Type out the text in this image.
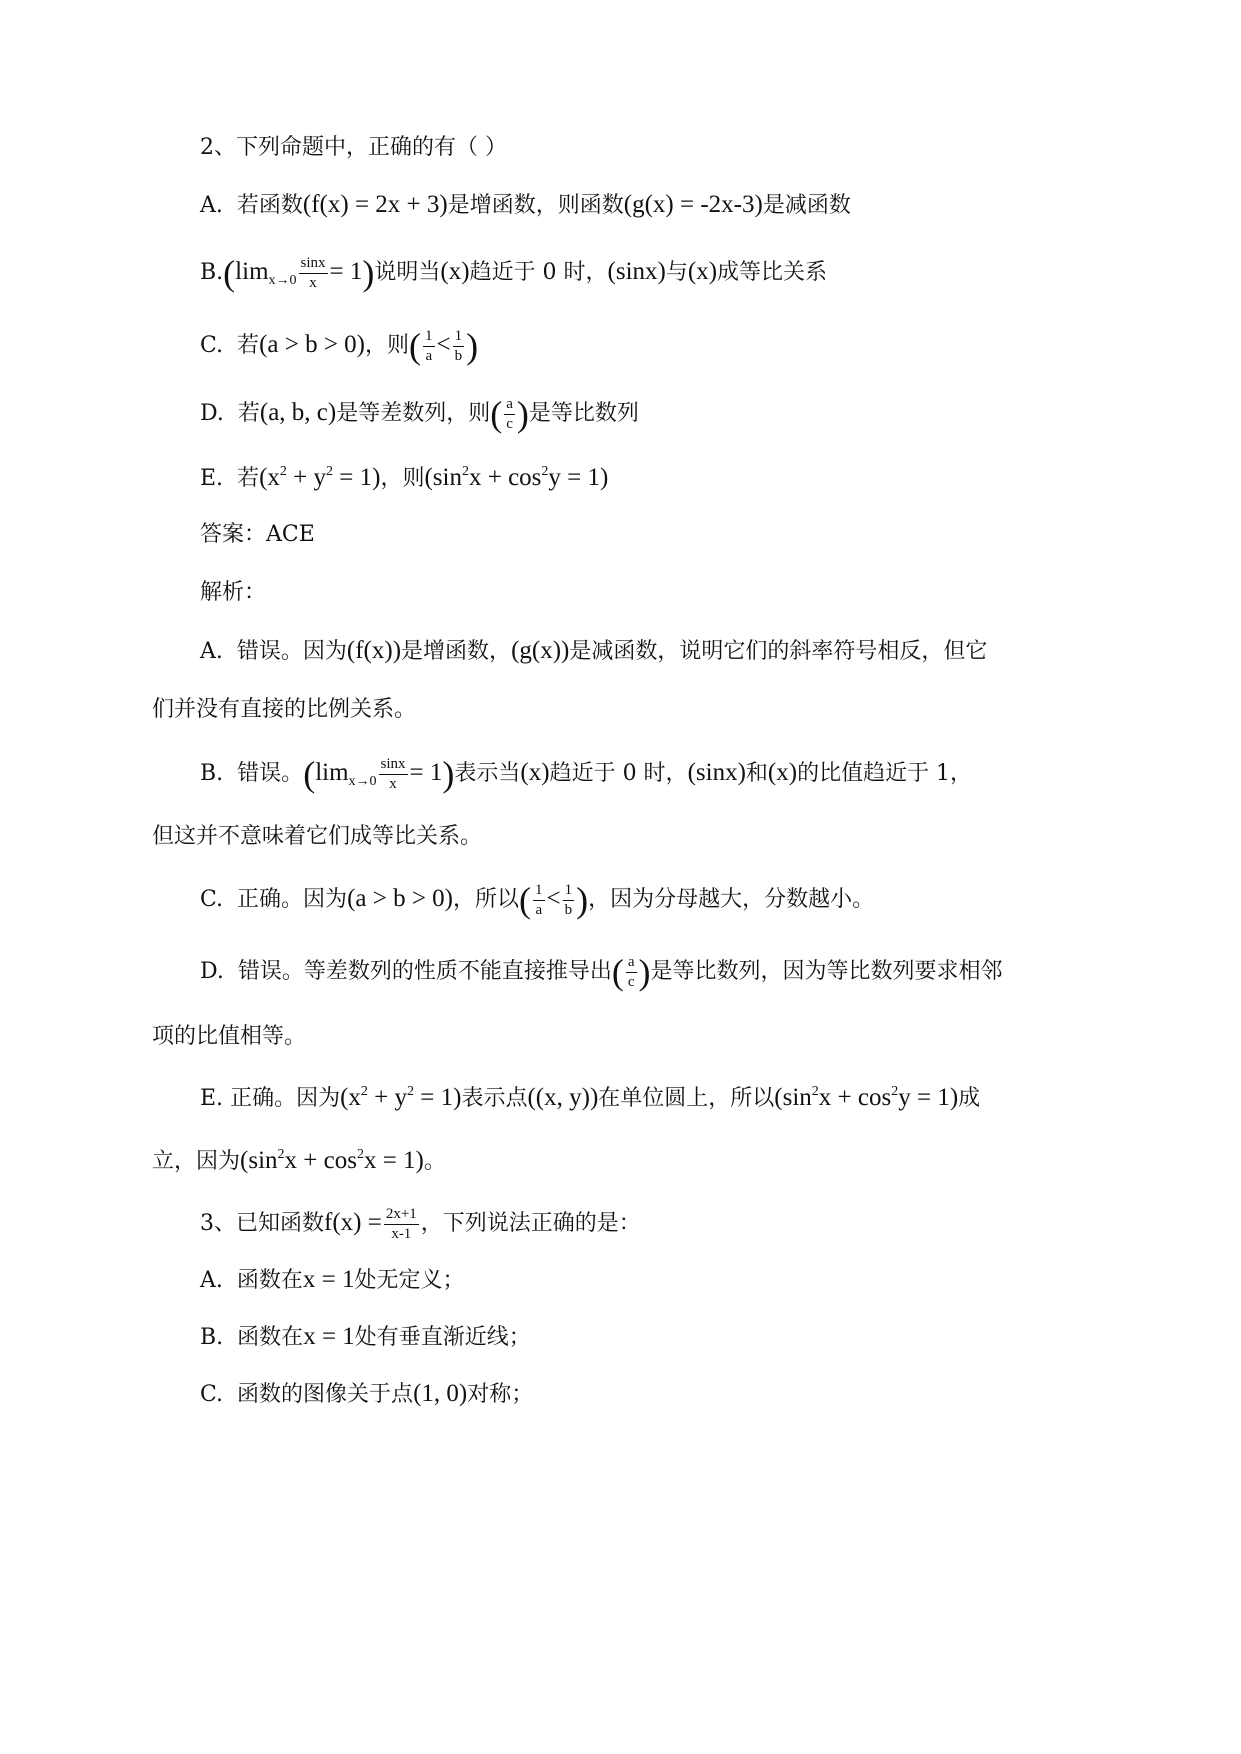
2、下列命题中，正确的有（ ）
A. 若函数(f(x) = 2x + 3)是增函数，则函数(g(x) = -2x-3)是减函数
$B.(\lim_{x\to 0} \frac{\sin x}{x} = 1)$说明当(x)趋近于 0 时，(sinx)与(x)成等比关系
C. 若(a > b > 0)，则( $\frac{1}{a} < \frac{1}{b}$ )
D. 若(a, b, c)是等差数列，则( $\frac{a}{c}$ )是等比数列
E. 若$(x^2 + y^2 = 1)$，则$(\sin^2x + \cos^2y = 1)$
答案：ACE
解析：
A. 错误。因为(f(x))是增函数，(g(x))是减函数，说明它们的斜率符号相反，但它
们并没有直接的比例关系。
B. 错误。$(\lim_{x\to 0} \frac{\sin x}{x} = 1)$表示当(x)趋近于 0 时，(sinx)和(x)的比值趋近于 1，
但这并不意味着它们成等比关系。
C. 正确。因为(a > b > 0)，所以( $\frac{1}{a} < \frac{1}{b}$ )，因为分母越大，分数越小。
D. 错误。等差数列的性质不能直接推导出( $\frac{a}{c}$ )是等比数列，因为等比数列要求相邻
项的比值相等。
E. 正确。因为$(x^2 + y^2 = 1)$表示点((x, y))在单位圆上，所以$(\sin^2x + \cos^2y = 1)$成
立，因为$(\sin^2x + \cos^2x = 1)$。
3、已知函数$f(x) = \frac{2x+1}{x-1}$ ，下列说法正确的是：
A. 函数在x = 1处无定义；
B. 函数在x = 1处有垂直渐近线；
C. 函数的图像关于点(1, 0)对称；
